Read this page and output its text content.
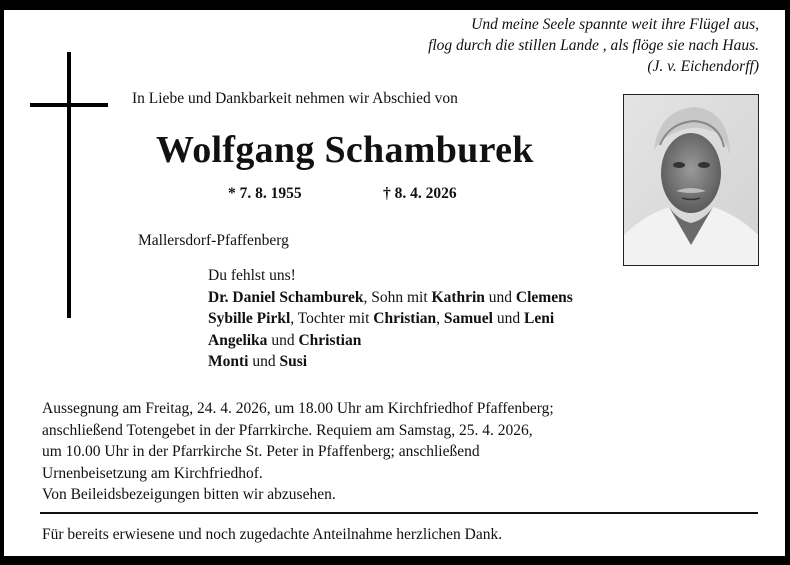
Und meine Seele spannte weit ihre Flügel aus,
flog durch die stillen Lande , als flöge sie nach Haus.
(J. v. Eichendorff)
In Liebe und Dankbarkeit nehmen wir Abschied von
Wolfgang Schamburek
* 7. 8. 1955	† 8. 4. 2026
Mallersdorf-Pfaffenberg
Du fehlst uns!
Dr. Daniel Schamburek, Sohn mit Kathrin und Clemens
Sybille Pirkl, Tochter mit Christian, Samuel und Leni
Angelika und Christian
Monti und Susi
Aussegnung am Freitag, 24. 4. 2026, um 18.00 Uhr am Kirchfriedhof Pfaffenberg;
anschließend Totengebet in der Pfarrkirche. Requiem am Samstag, 25. 4. 2026,
um 10.00 Uhr in der Pfarrkirche St. Peter in Pfaffenberg; anschließend
Urnenbeisetzung am Kirchfriedhof.
Von Beileidsbezeigungen bitten wir abzusehen.
Für bereits erwiesene und noch zugedachte Anteilnahme herzlichen Dank.
